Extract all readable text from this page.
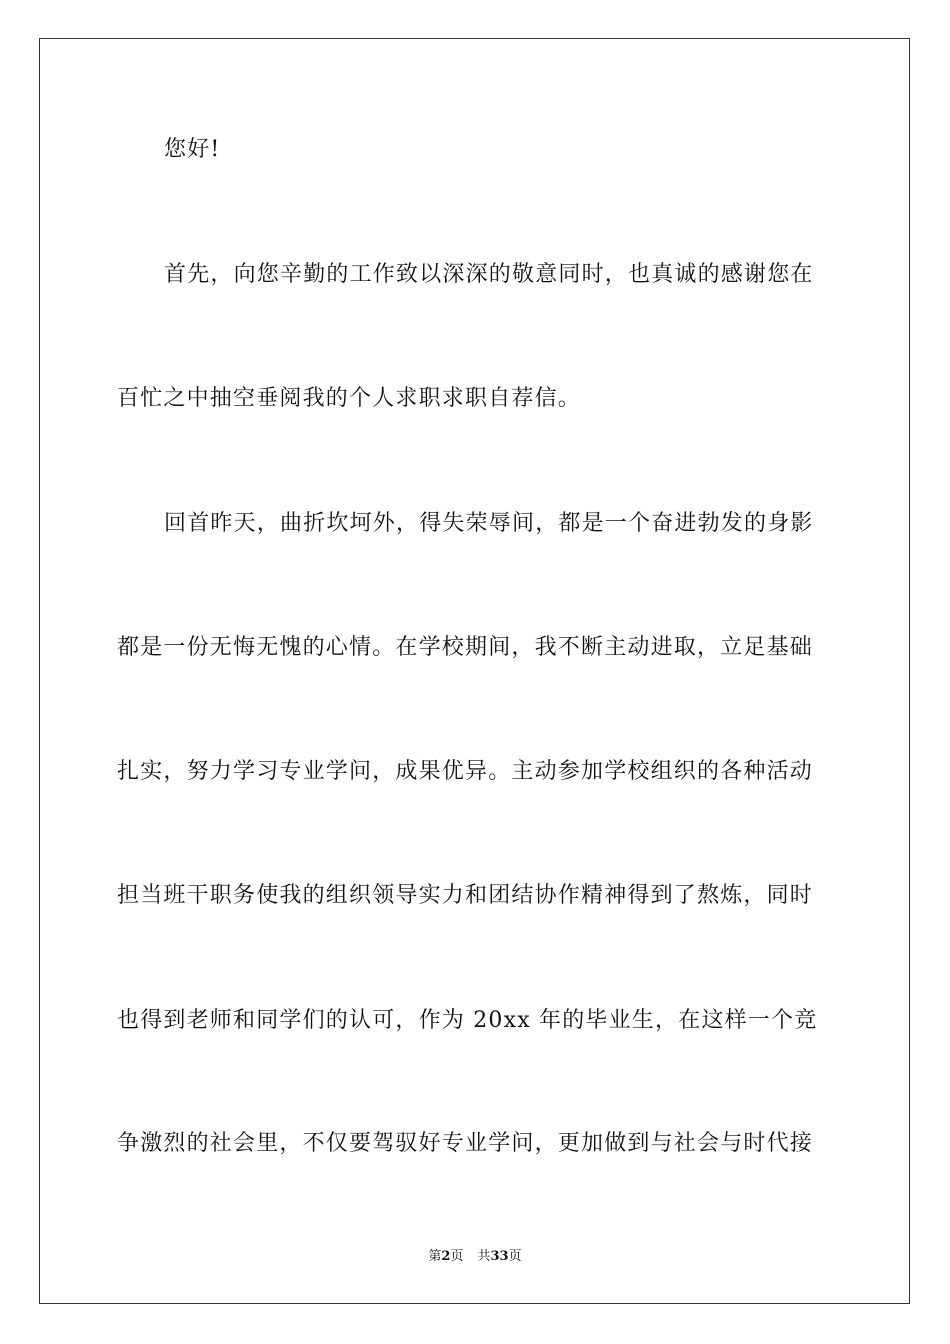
您好!
首先，向您辛勤的工作致以深深的敬意同时，也真诚的感谢您在
百忙之中抽空垂阅我的个人求职求职自荐信。
回首昨天，曲折坎坷外，得失荣辱间，都是一个奋进勃发的身影
都是一份无悔无愧的心情。在学校期间，我不断主动进取，立足基础
扎实，努力学习专业学问，成果优异。主动参加学校组织的各种活动
担当班干职务使我的组织领导实力和团结协作精神得到了熬炼，同时
也得到老师和同学们的认可，作为 20xx 年的毕业生，在这样一个竞
争激烈的社会里，不仅要驾驭好专业学问，更加做到与社会与时代接
第2页 共33页
